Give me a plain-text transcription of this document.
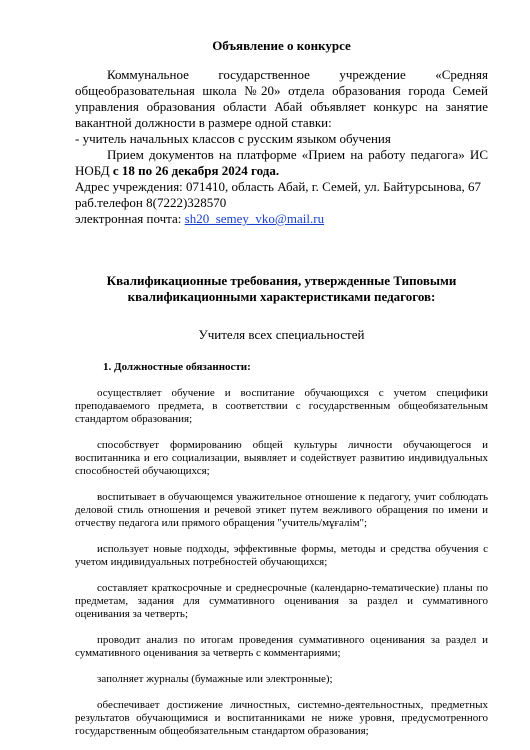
Объявление о конкурсе

Коммунальное государственное учреждение «Средняя общеобразовательная школа №20» отдела образования города Семей управления образования области Абай объявляет конкурс на занятие вакантной должности в размере одной ставки:

- учитель начальных классов с русским языком обучения

Прием документов на платформе «Прием на работу педагога» ИС НОБД с 18 по 26 декабря 2024 года.

Адрес учреждения: 071410, область Абай, г. Семей, ул. Байтурсынова, 67

раб.телефон 8(7222)328570

электронная почта: sh20_semey_vko@mail.ru

Квалификационные требования, утвержденные Типовыми
квалификационными характеристиками педагогов:

Учителя всех специальностей

1. Должностные обязанности:

осуществляет обучение и воспитание обучающихся с учетом специфики преподаваемого предмета, в соответствии с государственным общеобязательным стандартом образования;

способствует формированию общей культуры личности обучающегося и воспитанника и его социализации, выявляет и содействует развитию индивидуальных способностей обучающихся;

воспитывает в обучающемся уважительное отношение к педагогу, учит соблюдать деловой стиль отношения и речевой этикет путем вежливого обращения по имени и отчеству педагога или прямого обращения "учитель/мұғалім";

использует новые подходы, эффективные формы, методы и средства обучения с учетом индивидуальных потребностей обучающихся;

составляет краткосрочные и среднесрочные (календарно-тематические) планы по предметам, задания для суммативного оценивания за раздел и суммативного оценивания за четверть;

проводит анализ по итогам проведения суммативного оценивания за раздел и суммативного оценивания за четверть с комментариями;

заполняет журналы (бумажные или электронные);

обеспечивает достижение личностных, системно-деятельностных, предметных результатов обучающимися и воспитанниками не ниже уровня, предусмотренного государственным общеобязательным стандартом образования;
